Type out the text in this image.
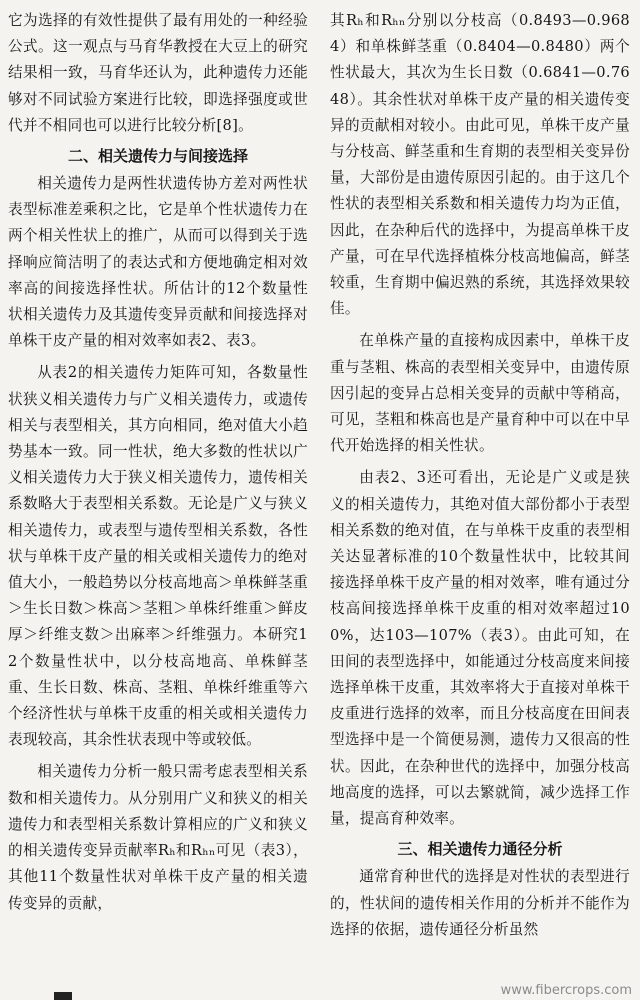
它为选择的有效性提供了最有用处的一种经验公式。这一观点与马育华教授在大豆上的研究结果相一致，马育华还认为，此种遗传力还能够对不同试验方案进行比较，即选择强度或世代并不相同也可以进行比较分析[8]。

二、相关遗传力与间接选择

相关遗传力是两性状遗传协方差对两性状表型标准差乘积之比，它是单个性状遗传力在两个相关性状上的推广，从而可以得到关于选择响应简洁明了的表达式和方便地确定相对效率高的间接选择性状。所估计的12个数量性状相关遗传力及其遗传变异贡献和间接选择对单株干皮产量的相对效率如表2、表3。

从表2的相关遗传力矩阵可知，各数量性状狭义相关遗传力与广义相关遗传力，或遗传相关与表型相关，其方向相同，绝对值大小趋势基本一致。同一性状，绝大多数的性状以广义相关遗传力大于狭义相关遗传力，遗传相关系数略大于表型相关系数。无论是广义与狭义相关遗传力，或表型与遗传型相关系数，各性状与单株干皮产量的相关或相关遗传力的绝对值大小，一般趋势以分枝高地高＞单株鲜茎重＞生长日数＞株高＞茎粗＞单株纤维重＞鲜皮厚＞纤维支数＞出麻率＞纤维强力。本研究12个数量性状中，以分枝高地高、单株鲜茎重、生长日数、株高、茎粗、单株纤维重等六个经济性状与单株干皮重的相关或相关遗传力表现较高，其余性状表现中等或较低。

相关遗传力分析一般只需考虑表型相关系数和相关遗传力。从分别用广义和狭义的相关遗传力和表型相关系数计算相应的广义和狭义的相关遗传变异贡献率Rₕ和Rₕₙ可见（表3），其他11个数量性状对单株干皮产量的相关遗传变异的贡献，

其Rₕ和Rₕₙ分别以分枝高（0.8493—0.9684）和单株鲜茎重（0.8404—0.8480）两个性状最大，其次为生长日数（0.6841—0.7648）。其余性状对单株干皮产量的相关遗传变异的贡献相对较小。由此可见，单株干皮产量与分枝高、鲜茎重和生育期的表型相关变异份量，大部份是由遗传原因引起的。由于这几个性状的表型相关系数和相关遗传力均为正值，因此，在杂种后代的选择中，为提高单株干皮产量，可在早代选择植株分枝高地偏高，鲜茎较重，生育期中偏迟熟的系统，其选择效果较佳。

在单株产量的直接构成因素中，单株干皮重与茎粗、株高的表型相关变异中，由遗传原因引起的变异占总相关变异的贡献中等稍高，可见，茎粗和株高也是产量育种中可以在中早代开始选择的相关性状。

由表2、3还可看出，无论是广义或是狭义的相关遗传力，其绝对值大部份都小于表型相关系数的绝对值，在与单株干皮重的表型相关达显著标准的10个数量性状中，比较其间接选择单株干皮产量的相对效率，唯有通过分枝高间接选择单株干皮重的相对效率超过100%，达103—107%（表3）。由此可知，在田间的表型选择中，如能通过分枝高度来间接选择单株干皮重，其效率将大于直接对单株干皮重进行选择的效率，而且分枝高度在田间表型选择中是一个简便易测，遗传力又很高的性状。因此，在杂种世代的选择中，加强分枝高地高度的选择，可以去繁就简，减少选择工作量，提高育种效率。

三、相关遗传力通径分析

通常育种世代的选择是对性状的表型进行的，性状间的遗传相关作用的分析并不能作为选择的依据，遗传通径分析虽然

www.fibercrops.com
